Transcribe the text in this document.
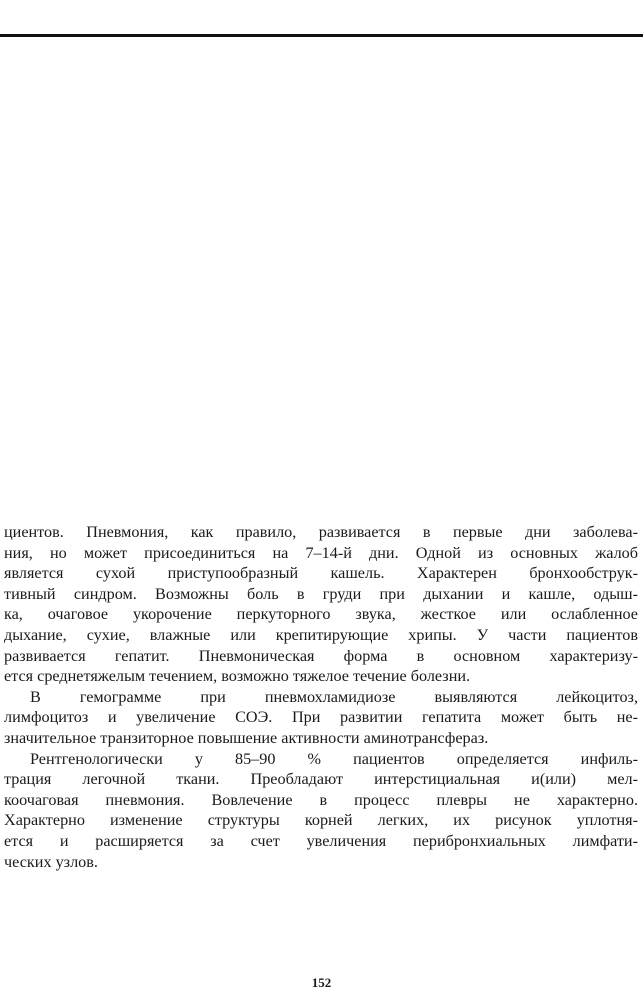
циентов. Пневмония, как правило, развивается в первые дни заболева-
ния, но может присоединиться на 7–14-й дни. Одной из основных жалоб
является сухой приступообразный кашель. Характерен бронхообструк-
тивный синдром. Возможны боль в груди при дыхании и кашле, одыш-
ка, очаговое укорочение перкуторного звука, жесткое или ослабленное
дыхание, сухие, влажные или крепитирующие хрипы. У части пациентов
развивается гепатит. Пневмоническая форма в основном характеризу-
ется среднетяжелым течением, возможно тяжелое течение болезни.
В гемограмме при пневмохламидиозе выявляются лейкоцитоз,
лимфоцитоз и увеличение СОЭ. При развитии гепатита может быть не-
значительное транзиторное повышение активности аминотрансфераз.
Рентгенологически у 85–90 % пациентов определяется инфиль-
трация легочной ткани. Преобладают интерстициальная и(или) мел-
коочаговая пневмония. Вовлечение в процесс плевры не характерно.
Характерно изменение структуры корней легких, их рисунок уплотня-
ется и расширяется за счет увеличения перибронхиальных лимфати-
ческих узлов.
152
